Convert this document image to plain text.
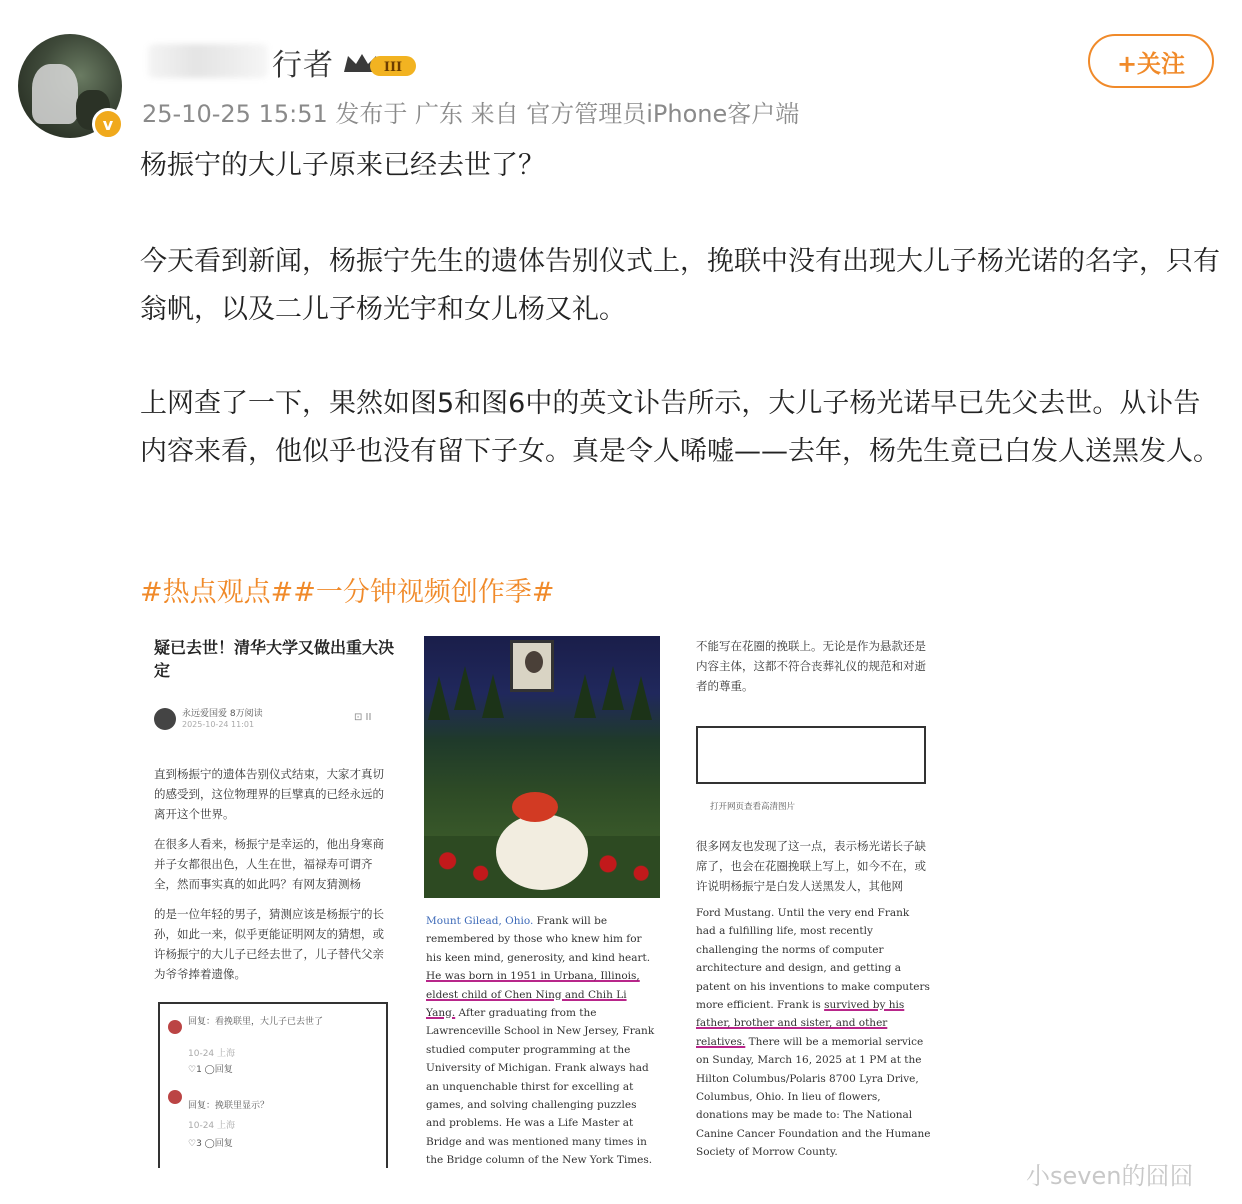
v
行者	III
25-10-25 15:51 发布于 广东 来自 官方管理员iPhone客户端
+关注
杨振宁的大儿子原来已经去世了？
今天看到新闻，杨振宁先生的遗体告别仪式上，挽联中没有出现大儿子杨光诺的名字，只有翁帆，以及二儿子杨光宇和女儿杨又礼。
上网查了一下，果然如图5和图6中的英文讣告所示，大儿子杨光诺早已先父去世。从讣告内容来看，他似乎也没有留下子女。真是令人唏嘘——去年，杨先生竟已白发人送黑发人。
#热点观点##一分钟视频创作季#
疑已去世！清华大学又做出重大决定
永远爱国爱 8万阅读
2025-10-24 11:01
⊡ II
直到杨振宁的遗体告别仪式结束，大家才真切的感受到，这位物理界的巨擘真的已经永远的离开这个世界。
在很多人看来，杨振宁是幸运的，他出身寒商并子女都很出色，人生在世，福禄寿可谓齐全，然而事实真的如此吗？有网友猜测杨
的是一位年轻的男子，猜测应该是杨振宁的长孙，如此一来，似乎更能证明网友的猜想，或许杨振宁的大儿子已经去世了，儿子替代父亲为爷爷捧着遗像。
回复：看挽联里，大儿子已去世了
10-24 上海
♡1 ◯回复
回复：挽联里显示？
10-24 上海
♡3 ◯回复
Mount Gilead, Ohio. Frank will be remembered by those who knew him for his keen mind, generosity, and kind heart. He was born in 1951 in Urbana, Illinois, eldest child of Chen Ning and Chih Li Yang. After graduating from the Lawrenceville School in New Jersey, Frank studied computer programming at the University of Michigan. Frank always had an unquenchable thirst for excelling at games, and solving challenging puzzles and problems. He was a Life Master at Bridge and was mentioned many times in the Bridge column of the New York Times.
不能写在花圈的挽联上。无论是作为悬款还是内容主体，这都不符合丧葬礼仪的规范和对逝者的尊重。
打开网页查看高清图片
很多网友也发现了这一点，表示杨光诺长子缺席了，也会在花圈挽联上写上，如今不在，或许说明杨振宁是白发人送黑发人，其他网
Ford Mustang. Until the very end Frank had a fulfilling life, most recently challenging the norms of computer architecture and design, and getting a patent on his inventions to make computers more efficient. Frank is survived by his father, brother and sister, and other relatives. There will be a memorial service on Sunday, March 16, 2025 at 1 PM at the Hilton Columbus/Polaris 8700 Lyra Drive, Columbus, Ohio. In lieu of flowers, donations may be made to: The National Canine Cancer Foundation and the Humane Society of Morrow County.
小seven的囧囧
